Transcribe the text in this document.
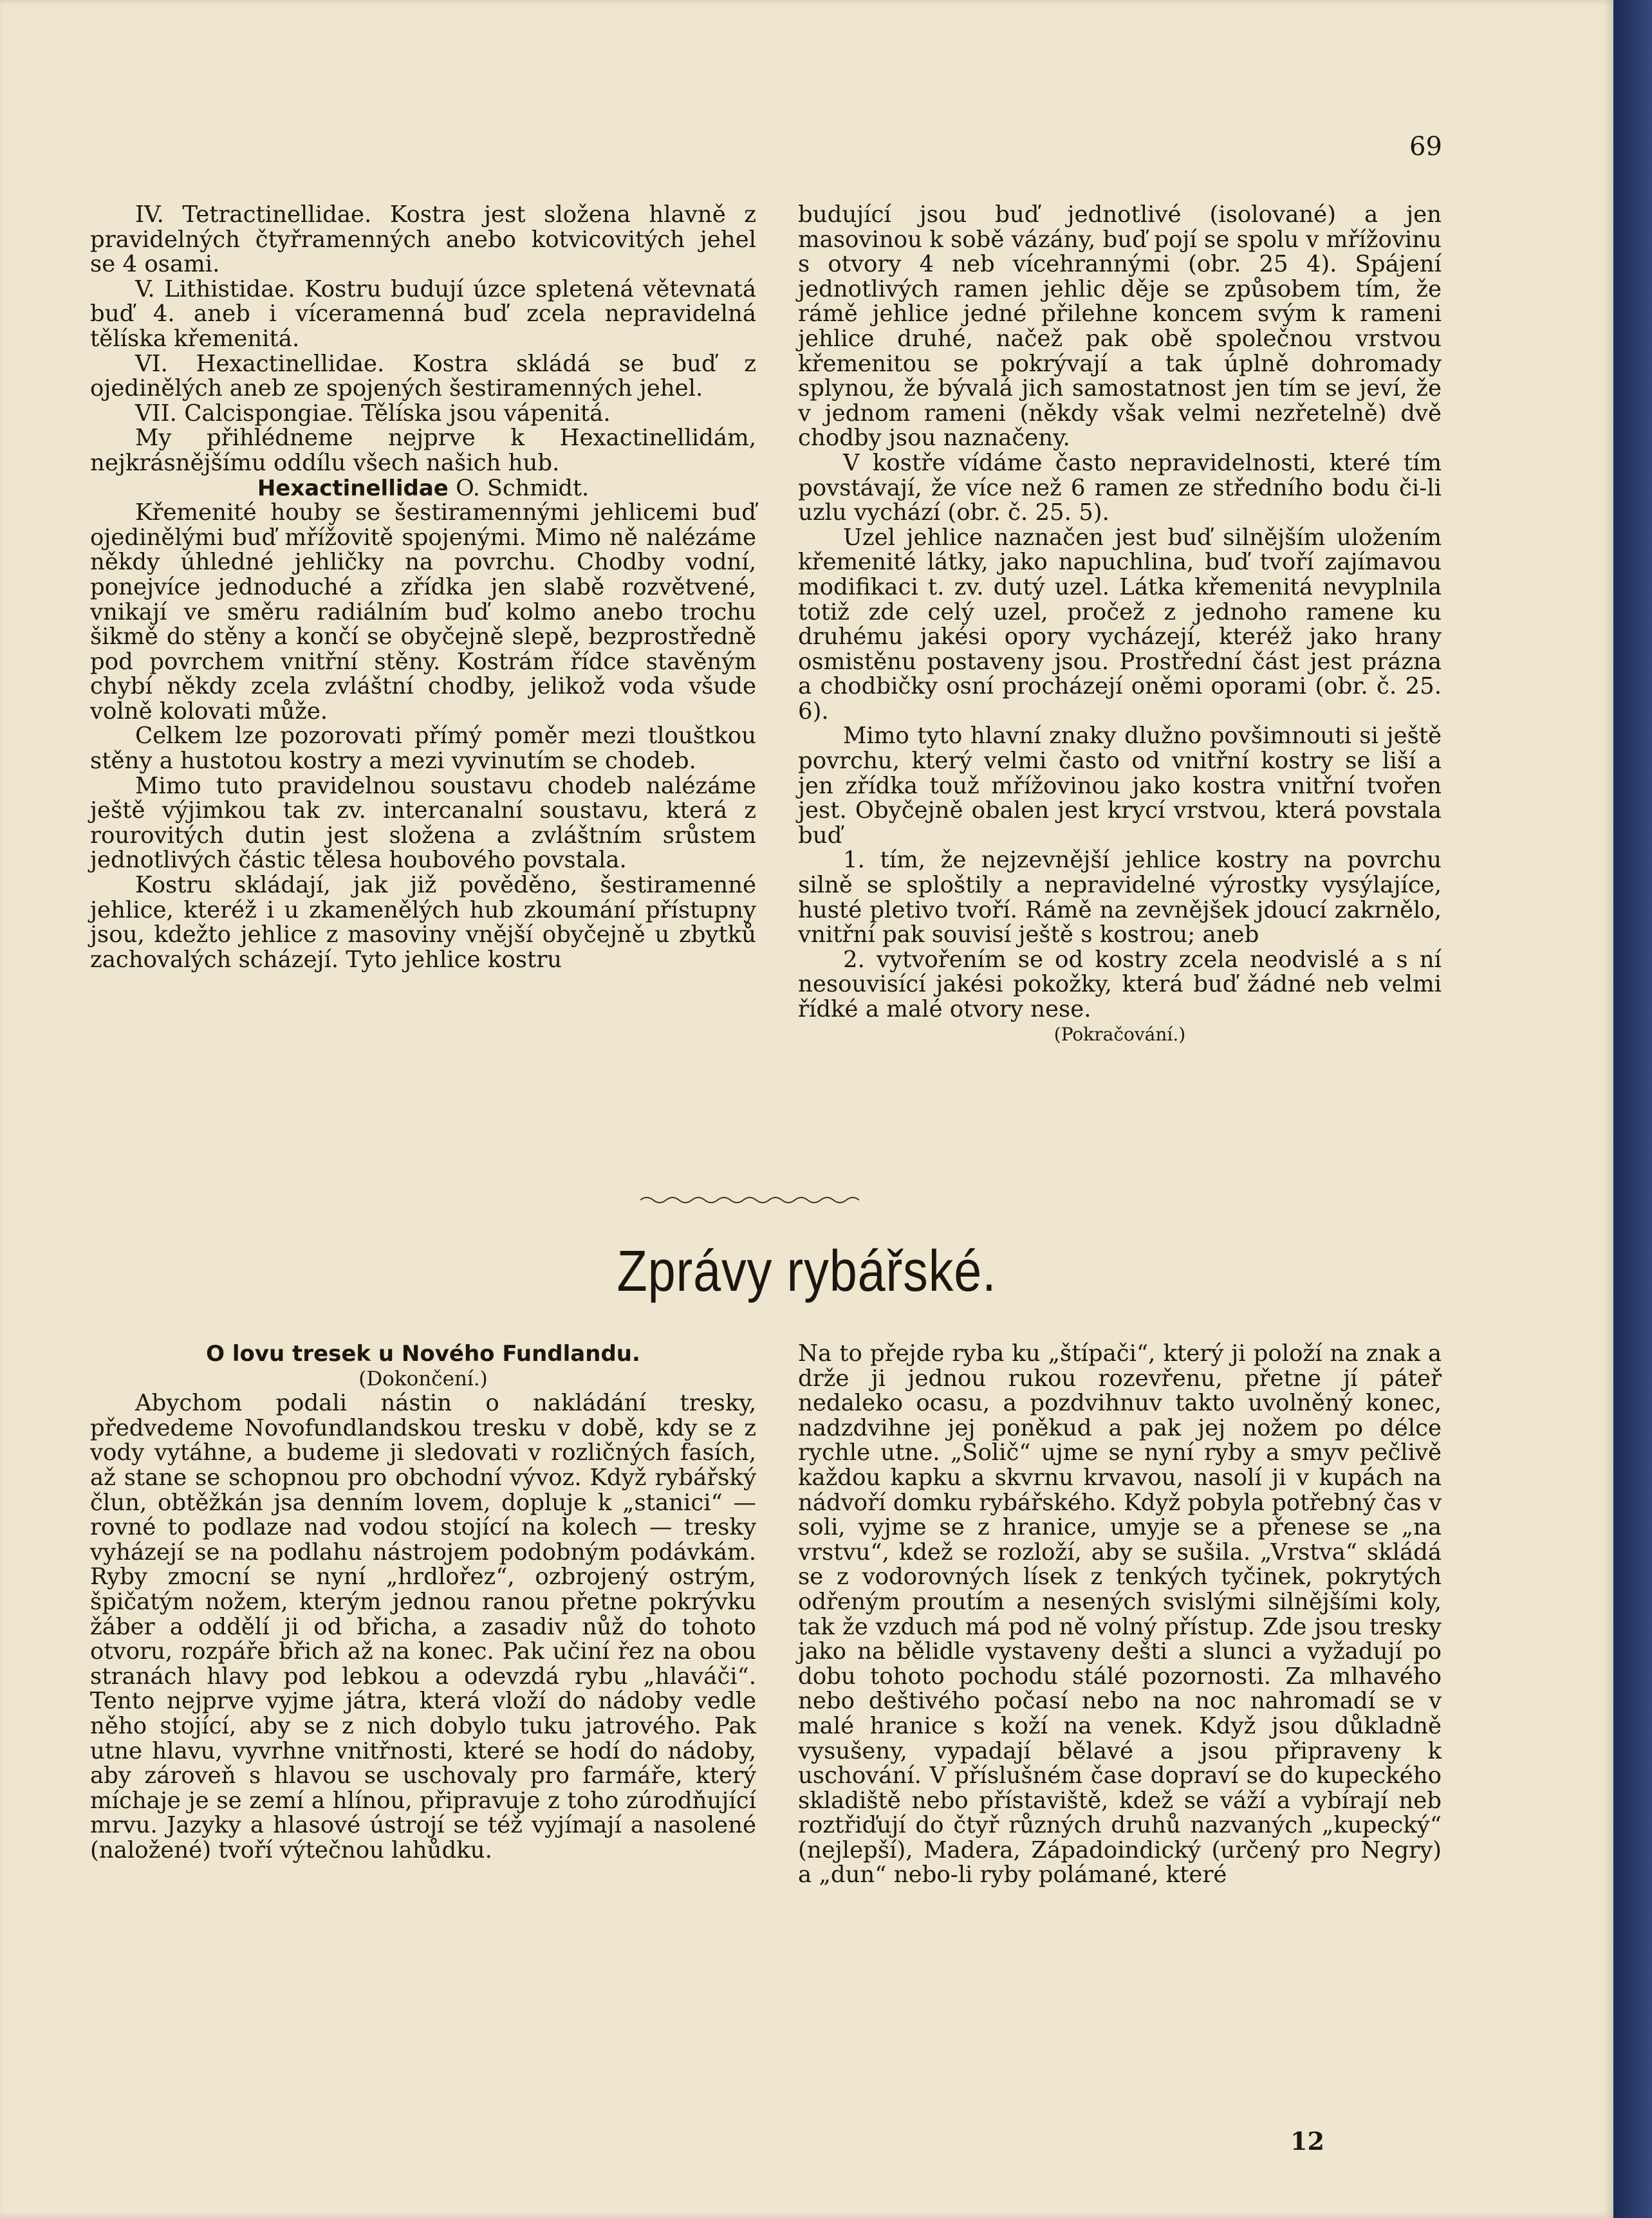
69

IV. Tetractinellidae. Kostra jest složena hlavně z pravidelných čtyřramenných anebo kotvicovitých jehel se 4 osami.

V. Lithistidae. Kostru budují úzce spletená větevnatá buď 4. aneb i víceramenná buď zcela nepravidelná tělíska křemenitá.

VI. Hexactinellidae. Kostra skládá se buď z ojedinělých aneb ze spojených šestiramenných jehel.

VII. Calcispongiae. Tělíska jsou vápenitá.

My přihlédneme nejprve k Hexactinellidám, nejkrásnějšímu oddílu všech našich hub.

Hexactinellidae O. Schmidt.

Křemenité houby se šestiramennými jehlicemi buď ojedinělými buď mřížovitě spojenými. Mimo ně nalézáme někdy úhledné jehličky na povrchu. Chodby vodní, ponejvíce jednoduché a zřídka jen slabě rozvětvené, vnikají ve směru radiálním buď kolmo anebo trochu šikmě do stěny a končí se obyčejně slepě, bezprostředně pod povrchem vnitřní stěny. Kostrám řídce stavěným chybí někdy zcela zvláštní chodby, jelikož voda všude volně kolovati může.

Celkem lze pozorovati přímý poměr mezi tlouštkou stěny a hustotou kostry a mezi vyvinutím se chodeb.

Mimo tuto pravidelnou soustavu chodeb nalézáme ještě výjimkou tak zv. intercanalní soustavu, která z rourovitých dutin jest složena a zvláštním srůstem jednotlivých částic tělesa houbového povstala.

Kostru skládají, jak již pověděno, šestiramenné jehlice, kteréž i u zkamenělých hub zkoumání přístupny jsou, kdežto jehlice z masoviny vnější obyčejně u zbytků zachovalých scházejí. Tyto jehlice kostru

budující jsou buď jednotlivé (isolované) a jen masovinou k sobě vázány, buď pojí se spolu v mřížovinu s otvory 4 neb vícehrannými (obr. 25 4). Spájení jednotlivých ramen jehlic děje se způsobem tím, že rámě jehlice jedné přilehne koncem svým k rameni jehlice druhé, načež pak obě společnou vrstvou křemenitou se pokrývají a tak úplně dohromady splynou, že bývalá jich samostatnost jen tím se jeví, že v jednom rameni (někdy však velmi nezřetelně) dvě chodby jsou naznačeny.

V kostře vídáme často nepravidelnosti, které tím povstávají, že více než 6 ramen ze středního bodu či-li uzlu vychází (obr. č. 25. 5).

Uzel jehlice naznačen jest buď silnějším uložením křemenité látky, jako napuchlina, buď tvoří zajímavou modifikaci t. zv. dutý uzel. Látka křemenitá nevyplnila totiž zde celý uzel, pročež z jednoho ramene ku druhému jakési opory vycházejí, kteréž jako hrany osmistěnu postaveny jsou. Prostřední část jest prázna a chodbičky osní procházejí oněmi oporami (obr. č. 25. 6).

Mimo tyto hlavní znaky dlužno povšimnouti si ještě povrchu, který velmi často od vnitřní kostry se liší a jen zřídka touž mřížovinou jako kostra vnitřní tvořen jest. Obyčejně obalen jest krycí vrstvou, která povstala buď

1. tím, že nejzevnější jehlice kostry na povrchu silně se sploštily a nepravidelné výrostky vysýlajíce, husté pletivo tvoří. Rámě na zevnějšek jdoucí zakrnělo, vnitřní pak souvisí ještě s kostrou; aneb

2. vytvořením se od kostry zcela neodvislé a s ní nesouvisící jakési pokožky, která buď žádné neb velmi řídké a malé otvory nese.

(Pokračování.)

Zprávy rybářské.

O lovu tresek u Nového Fundlandu.

(Dokončení.)

Abychom podali nástin o nakládání tresky, předvedeme Novofundlandskou tresku v době, kdy se z vody vytáhne, a budeme ji sledovati v rozličných fasích, až stane se schopnou pro obchodní vývoz. Když rybářský člun, obtěžkán jsa denním lovem, dopluje k „stanici“ — rovné to podlaze nad vodou stojící na kolech — tresky vyházejí se na podlahu nástrojem podobným podávkám. Ryby zmocní se nyní „hrdlořez“, ozbrojený ostrým, špičatým nožem, kterým jednou ranou přetne pokrývku žáber a oddělí ji od břicha, a zasadiv nůž do tohoto otvoru, rozpáře břich až na konec. Pak učiní řez na obou stranách hlavy pod lebkou a odevzdá rybu „hlaváči“. Tento nejprve vyjme játra, která vloží do nádoby vedle něho stojící, aby se z nich dobylo tuku jatrového. Pak utne hlavu, vyvrhne vnitřnosti, které se hodí do nádoby, aby zároveň s hlavou se uschovaly pro farmáře, který míchaje je se zemí a hlínou, připravuje z toho zúrodňující mrvu. Jazyky a hlasové ústrojí se též vyjímají a nasolené (naložené) tvoří výtečnou lahůdku.

Na to přejde ryba ku „štípači“, který ji položí na znak a drže ji jednou rukou rozevřenu, přetne jí páteř nedaleko ocasu, a pozdvihnuv takto uvolněný konec, nadzdvihne jej poněkud a pak jej nožem po délce rychle utne. „Solič“ ujme se nyní ryby a smyv pečlivě každou kapku a skvrnu krvavou, nasolí ji v kupách na nádvoří domku rybářského. Když pobyla potřebný čas v soli, vyjme se z hranice, umyje se a přenese se „na vrstvu“, kdež se rozloží, aby se sušila. „Vrstva“ skládá se z vodorovných lísek z tenkých tyčinek, pokrytých odřeným proutím a nesených svislými silnějšími koly, tak že vzduch má pod ně volný přístup. Zde jsou tresky jako na bělidle vystaveny dešti a slunci a vyžadují po dobu tohoto pochodu stálé pozornosti. Za mlhavého nebo deštivého počasí nebo na noc nahromadí se v malé hranice s koží na venek. Když jsou důkladně vysušeny, vypadají bělavé a jsou připraveny k uschování. V příslušném čase dopraví se do kupeckého skladiště nebo přístaviště, kdež se váží a vybírají neb roztřiďují do čtyř různých druhů nazvaných „kupecký“ (nejlepší), Madera, Západoindický (určený pro Negry) a „dun“ nebo-li ryby polámané, které

12
